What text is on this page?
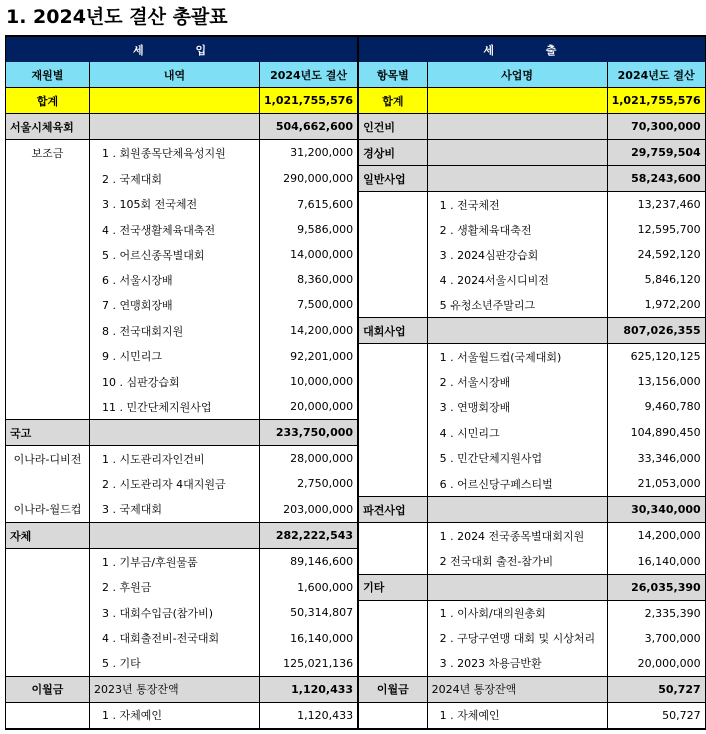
1. 2024년도 결산 총괄표
세 입			세 출		
재원별	내역	2024년도 결산	항목별	사업명	2024년도 결산
합계		1,021,755,576	합계		1,021,755,576
서울시체육회		504,662,600	인건비		70,300,000
보조금	1 . 회원종목단체육성지원	31,200,000	경상비		29,759,504
	2 . 국제대회	290,000,000	일반사업		58,243,600
	3 . 105회 전국체전	7,615,600		1 . 전국체전	13,237,460
	4 . 전국생활체육대축전	9,586,000		2 . 생활체육대축전	12,595,700
	5 . 어르신종목별대회	14,000,000		3 . 2024심판강습회	24,592,120
	6 . 서울시장배	8,360,000		4 . 2024서울시디비전	5,846,120
	7 . 연맹회장배	7,500,000		5 유청소년주말리그	1,972,200
	8 . 전국대회지원	14,200,000	대회사업		807,026,355
	9 . 시민리그	92,201,000		1 . 서울월드컵(국제대회)	625,120,125
	10 . 심판강습회	10,000,000		2 . 서울시장배	13,156,000
	11 . 민간단체지원사업	20,000,000		3 . 연맹회장배	9,460,780
국고		233,750,000		4 . 시민리그	104,890,450
이나라-디비전	1 . 시도관리자인건비	28,000,000		5 . 민간단체지원사업	33,346,000
	2 . 시도관리자 4대지원금	2,750,000		6 . 어르신당구페스티벌	21,053,000
이나라-월드컵	3 . 국제대회	203,000,000	파견사업		30,340,000
자체		282,222,543		1 . 2024 전국종목별대회지원	14,200,000
	1 . 기부금/후원물품	89,146,600		2 전국대회 출전-참가비	16,140,000
	2 . 후원금	1,600,000	기타		26,035,390
	3 . 대회수입금(참가비)	50,314,807		1 . 이사회/대의원총회	2,335,390
	4 . 대회출전비-전국대회	16,140,000		2 . 구당구연맹 대회 및 시상처리	3,700,000
	5 . 기타	125,021,136		3 . 2023 차용금반환	20,000,000
이월금	2023년 통장잔액	1,120,433	이월금	2024년 통장잔액	50,727
	1 . 자체예인	1,120,433		1 . 자체예인	50,727
